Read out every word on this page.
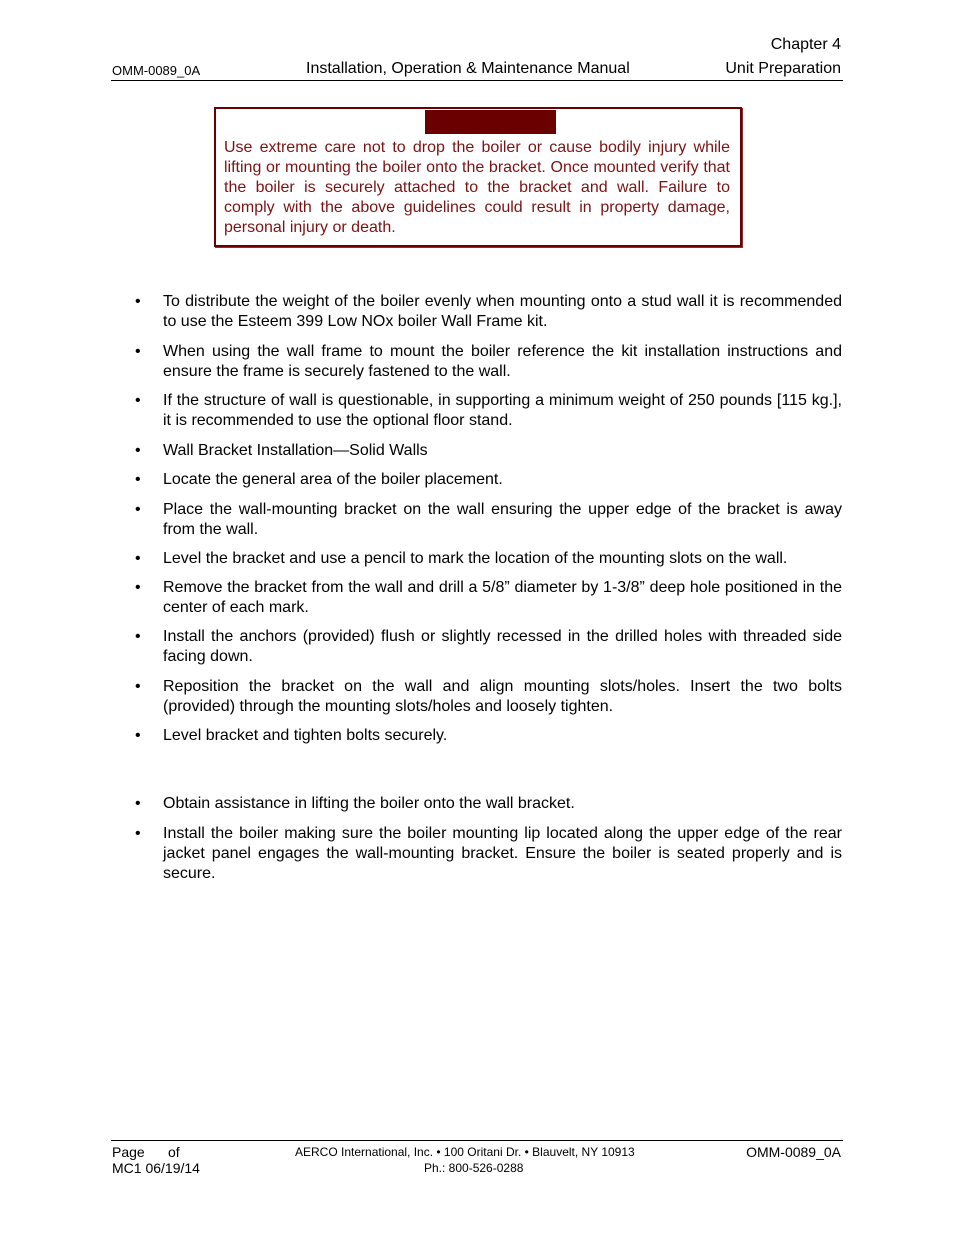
Chapter 4
OMM-0089_0A	Installation, Operation & Maintenance Manual	Unit Preparation
Use extreme care not to drop the boiler or cause bodily injury while lifting or mounting the boiler onto the bracket. Once mounted verify that the boiler is securely attached to the bracket and wall. Failure to comply with the above guidelines could result in property damage, personal injury or death.
• To distribute the weight of the boiler evenly when mounting onto a stud wall it is recommended to use the Esteem 399 Low NOx boiler Wall Frame kit.
• When using the wall frame to mount the boiler reference the kit installation instructions and ensure the frame is securely fastened to the wall.
• If the structure of wall is questionable, in supporting a minimum weight of 250 pounds [115 kg.], it is recommended to use the optional floor stand.
• Wall Bracket Installation—Solid Walls
• Locate the general area of the boiler placement.
• Place the wall-mounting bracket on the wall ensuring the upper edge of the bracket is away from the wall.
• Level the bracket and use a pencil to mark the location of the mounting slots on the wall.
• Remove the bracket from the wall and drill a 5/8” diameter by 1-3/8” deep hole positioned in the center of each mark.
• Install the anchors (provided) flush or slightly recessed in the drilled holes with threaded side facing down.
• Reposition the bracket on the wall and align mounting slots/holes. Insert the two bolts (provided) through the mounting slots/holes and loosely tighten.
• Level bracket and tighten bolts securely.
• Obtain assistance in lifting the boiler onto the wall bracket.
• Install the boiler making sure the boiler mounting lip located along the upper edge of the rear jacket panel engages the wall-mounting bracket. Ensure the boiler is seated properly and is secure.
Page of
MC1 06/19/14
AERCO International, Inc. • 100 Oritani Dr. • Blauvelt, NY 10913
Ph.: 800-526-0288
OMM-0089_0A
